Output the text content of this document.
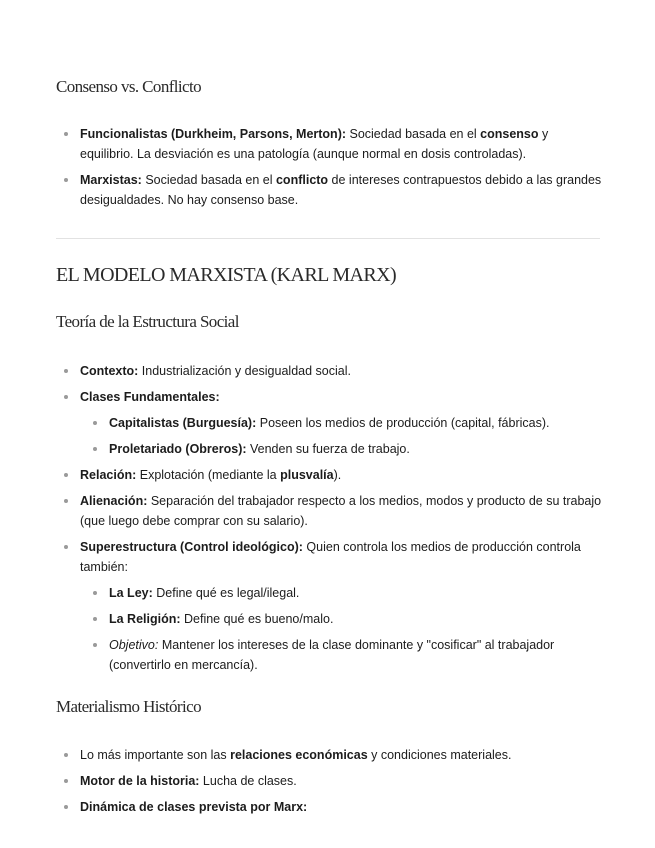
Consenso vs. Conflicto
Funcionalistas (Durkheim, Parsons, Merton): Sociedad basada en el consenso y equilibrio. La desviación es una patología (aunque normal en dosis controladas).
Marxistas: Sociedad basada en el conflicto de intereses contrapuestos debido a las grandes desigualdades. No hay consenso base.
EL MODELO MARXISTA (KARL MARX)
Teoría de la Estructura Social
Contexto: Industrialización y desigualdad social.
Clases Fundamentales:
Capitalistas (Burguesía): Poseen los medios de producción (capital, fábricas).
Proletariado (Obreros): Venden su fuerza de trabajo.
Relación: Explotación (mediante la plusvalía).
Alienación: Separación del trabajador respecto a los medios, modos y producto de su trabajo (que luego debe comprar con su salario).
Superestructura (Control ideológico): Quien controla los medios de producción controla también:
La Ley: Define qué es legal/ilegal.
La Religión: Define qué es bueno/malo.
Objetivo: Mantener los intereses de la clase dominante y "cosificar" al trabajador (convertirlo en mercancía).
Materialismo Histórico
Lo más importante son las relaciones económicas y condiciones materiales.
Motor de la historia: Lucha de clases.
Dinámica de clases prevista por Marx:
